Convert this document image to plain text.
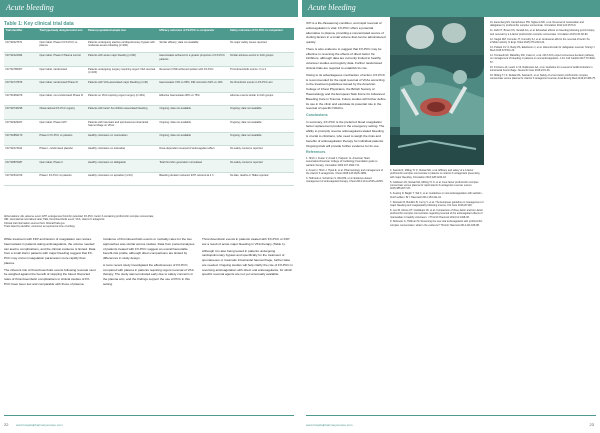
Acute bleeding	Acute bleeding
Table 1: Key clinical trial data
Trial identifier	Trial type/study design/control arm	Patient population/sample size	Efficacy outcomes of FX-PCC vs comparator	Safety outcomes of FX-PCC vs comparator
NCT02227571	Open label, Phase III FX-PCC vs plasma	Patients undergoing elective cardiopulmonary bypass with moderate-severe bleeding (n=100)	Similar efficacy; data not available	No major safety issues reported
NCT02122094	Open label, Phase II Plasma control	Patients with acute major bleeding (n=90)	Haemostasis achieved in a greater proportion of FX-PCC patients	Similar adverse events in both groups
NCT01780307	Open label, randomised	Patients undergoing surgery requiring urgent VKA reversal (n=100)	Reversal of INR achieved quicker with FX-PCC	Thromboembolic events: 3 vs 2
NCT01747876	Open label, randomised Phase III	Patients with VKA-associated major bleeding (n=40)	Haemostasis 72% vs 65%; INR correction 62% vs 10%	No thrombotic events in FX-PCC arm
NCT01369379	Open label, non-randomised Phase III	Patients on VKA requiring urgent surgery (n=181)	Effective haemostasis 90% vs 75%	Adverse events similar in both groups
NCT02740335	Observational FX-PCC registry	Patients with factor Xa inhibitor-associated bleeding	Ongoing; data not available	Ongoing; data not available
NCT02329327	Open label, Phase III/IV	Patients with traumatic and spontaneous intracranial haemorrhage on VKAs	Ongoing; data not available	Ongoing; data not available
NCT01860170	Phase II FX-PCC vs placebo	Healthy volunteers on rivaroxaban	Ongoing; data not available	Ongoing; data not available
NCT02172911	Phase I, randomised placebo	Healthy volunteers on edoxaban	Dose-dependent reversal of anticoagulant effect	No safety concerns reported
NCT00870487	Open label, Phase II	Healthy volunteers on dabigatran	Total thrombin generation normalised	No safety concerns reported
NCT01541709	Phase I FX-PCC vs placebo	Healthy volunteers on apixaban (n=16)	Bleeding duration reduced; ETP restored at 4 h	No AEs, deaths or TEEs reported
Abbreviations: AE, adverse event; ETP, endogenous thrombin potential; FX-PCC, factor X-containing prothrombin complex concentrate;
INR, international normalised ratio; TEE, thromboembolic event; VKA, vitamin K antagonist.
Clinical trial information sourced from ClinicalTrials.gov.
Trials listed by identifier; outcomes as reported at time of writing.

While treatment with FFP and factors of coagulation can restore haemostasis in patients taking anticoagulants, the volume needed can lead to complications, and the clinical evidence is limited. Data from a small trial in patients with major bleeding suggest that FX-PCC may correct coagulation parameters more rapidly than plasma.

The inherent risk of thromboembolic events following reversal must be weighed against the benefit of stopping the bleed. Reported rates of thromboembolic complications in clinical studies of FX-PCC have been low and comparable with those of plasma.

Incidence of thromboembolic events or mortality rates for the two approaches was similar across studies. Data from pooled analyses of patients treated with FX-PCC suggest an overall favourable benefit-risk profile, although direct comparisons are limited by differences in study design.

A more recent study investigated the effectiveness of FX-PCC compared with plasma in patients requiring urgent reversal of VKA therapy. The study was terminated early due to safety concerns in the plasma arm, and the findings support the use of PCC in this setting.

Thromboembolic events in patients treated with FX-PCC or FFP are a result of acute major bleeding in VKA therapy (Table 1).

Although it is also being tested in patients undergoing cardiopulmonary bypass and specifically for the treatment of spontaneous or traumatic intracranial haemorrhage, further data are needed. Ongoing studies will help clarify the role of FX-PCC in reversing anticoagulation with direct oral anticoagulants, for which specific reversal agents are not yet universally available.

22	www.hospitalpharmacyeurope.com

ICH is a life-threatening condition, and rapid reversal of anticoagulation is vital. FX-PCC offers a potential alternative to plasma, providing a concentrated source of clotting factors in a small volume that can be administered quickly.

There is also evidence to suggest that FX-PCC may be effective in reversing the effects of direct factor Xa inhibitors, although data are currently limited to healthy volunteer studies and registry data. Further randomised clinical trials are required to establish its role.

Owing to its advantageous mechanism of action, FX-PCC is recommended for the rapid reversal of VKAs according to the treatment guidelines issued by the American College of Chest Physicians, the British Society of Haematology and the European Task Force for Advanced Bleeding Care in Trauma. Future studies will further define its use in the clinic and elucidate its potential role in the reversal of specific NOACs.

Conclusions

In summary, FX-PCC is the preferred blood coagulation factor replacement product in the emergency setting. The ability to promptly reverse anticoagulant-related bleeding is crucial to clinicians, who need to weigh the risks and benefits of anticoagulation therapy for individual patients. Ongoing trials will provide further evidence for its use.

References

1. Hirsh J, Fuster V, Ansell J, Halperin JL. American Heart Association/American College of Cardiology Foundation guide to warfarin therapy. Circulation 2003;107:1692-711.

2. Ansell J, Hirsh J, Hylek E, et al. Pharmacology and management of the vitamin K antagonists. Chest 2008;133:160S-198S.

3. Holbrook A, Schulman S, Witt DM, et al. Evidence-based management of anticoagulant therapy. Chest 2012;141:e152S-e184S.

4. Sarode R, Milling TJ Jr, Refaai MA, et al. Efficacy and safety of a 4-factor prothrombin complex concentrate in patients on vitamin K antagonists presenting with major bleeding. Circulation 2013;128:1234-43.

5. Goldstein JN, Refaai MA, Milling TJ Jr, et al. Four-factor prothrombin complex concentrate versus plasma for rapid vitamin K antagonist reversal. Lancet 2015;385:2077-87.

6. Keeling D, Baglin T, Tait C, et al. Guidelines on oral anticoagulation with warfarin - fourth edition. Br J Haematol 2011;154:311-24.

7. Rossaint R, Bouillon B, Cerny V, et al. The European guideline on management of major bleeding and coagulopathy following trauma. Crit Care 2016;20:100.

8. Levi M, Moore KT, Castillejos CF, et al. Comparison of three-factor and four-factor prothrombin complex concentrates regarding reversal of the anticoagulant effects of rivaroxaban in healthy volunteers. J Thromb Haemost 2014;12:1428-36.

9. Dickneite G, Hoffman M. Reversing the new oral anticoagulants with prothrombin complex concentrates: what is the evidence? Thromb Haemost 2014;111:189-98.

10. Eerenberg ES, Kamphuisen PW, Sijpkens MK, et al. Reversal of rivaroxaban and dabigatran by prothrombin complex concentrate. Circulation 2011;124:1573-9.

11. Zahir H, Brown KS, Vandell AG, et al. Edoxaban effects on bleeding following punch biopsy and reversal by a 4-factor prothrombin complex concentrate. Circulation 2015;131:82-90.

12. Siegal DM, Curnutte JT, Connolly SJ, et al. Andexanet alfa for the reversal of factor Xa inhibitor activity. N Engl J Med 2015;373:2413-24.

13. Pollack CV Jr, Reilly PA, Eikelboom J, et al. Idarucizumab for dabigatran reversal. N Engl J Med 2015;373:511-20.

14. Tomaselli GF, Mahaffey KW, Cuker A, et al. 2017 ACC expert consensus decision pathway on management of bleeding in patients on oral anticoagulants. J Am Coll Cardiol 2017;70:3042-67.

15. Frontera JA, Lewin JJ III, Rabinstein AA, et al. Guideline for reversal of antithrombotics in intracranial hemorrhage. Neurocrit Care 2016;24:6-46.

16. Milling TJ Jr, Refaai MA, Sarode R, et al. Safety of a four-factor prothrombin complex concentrate versus plasma for vitamin K antagonist reversal. Acad Emerg Med 2016;23:466-75.

www.hospitalpharmacyeurope.com	23
